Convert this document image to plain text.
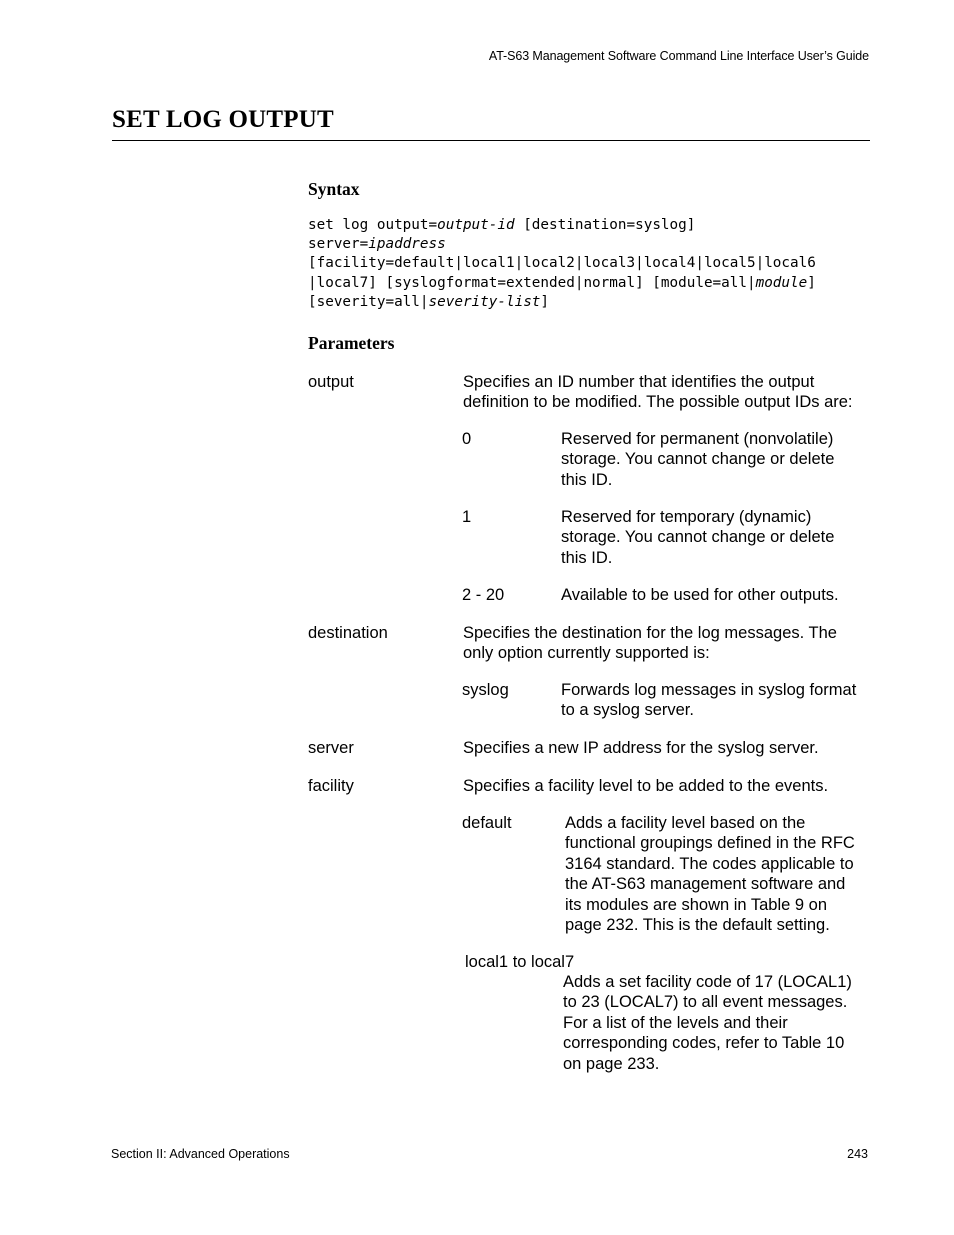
AT-S63 Management Software Command Line Interface User’s Guide
SET LOG OUTPUT
Syntax
set log output=output-id [destination=syslog]
server=ipaddress
[facility=default|local1|local2|local3|local4|local5|local6
|local7] [syslogformat=extended|normal] [module=all|module]
[severity=all|severity-list]
Parameters
output	Specifies an ID number that identifies the output
definition to be modified. The possible output IDs are:
0	Reserved for permanent (nonvolatile)
storage. You cannot change or delete
this ID.
1	Reserved for temporary (dynamic)
storage. You cannot change or delete
this ID.
2 - 20	Available to be used for other outputs.
destination	Specifies the destination for the log messages. The
only option currently supported is:
syslog	Forwards log messages in syslog format
to a syslog server.
server	Specifies a new IP address for the syslog server.
facility	Specifies a facility level to be added to the events.
default	Adds a facility level based on the
functional groupings defined in the RFC
3164 standard. The codes applicable to
the AT-S63 management software and
its modules are shown in Table 9 on
page 232. This is the default setting.
local1 to local7
Adds a set facility code of 17 (LOCAL1)
to 23 (LOCAL7) to all event messages.
For a list of the levels and their
corresponding codes, refer to Table 10
on page 233.
Section II: Advanced Operations	243
